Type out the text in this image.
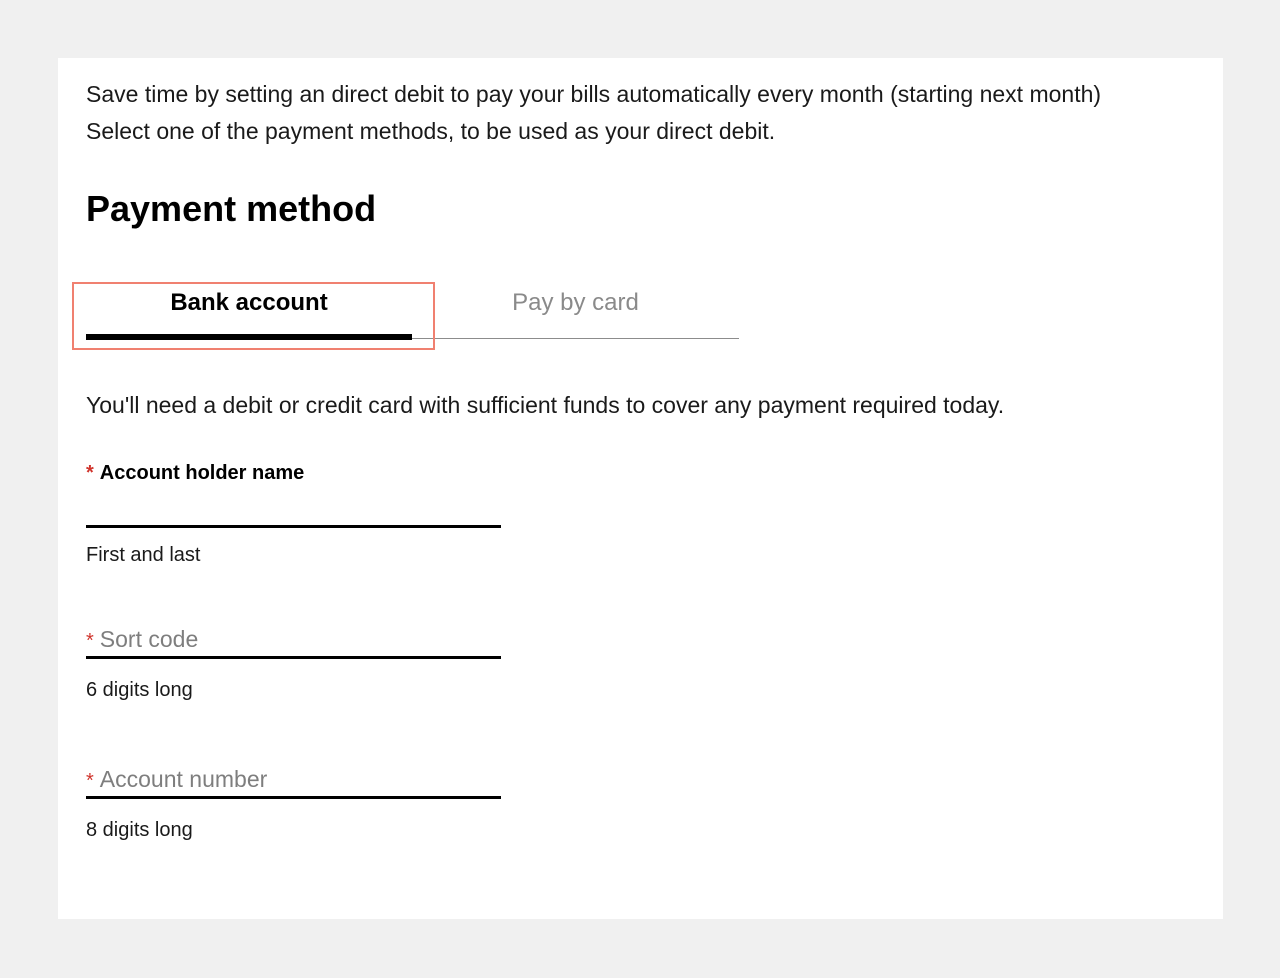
Save time by setting an direct debit to pay your bills automatically every month (starting next month)

Select one of the payment methods, to be used as your direct debit.

Payment method
Bank account	Pay by card

You'll need a debit or credit card with sufficient funds to cover any payment required today.

* Account holder name
First and last
* Sort code
6 digits long
* Account number
8 digits long
